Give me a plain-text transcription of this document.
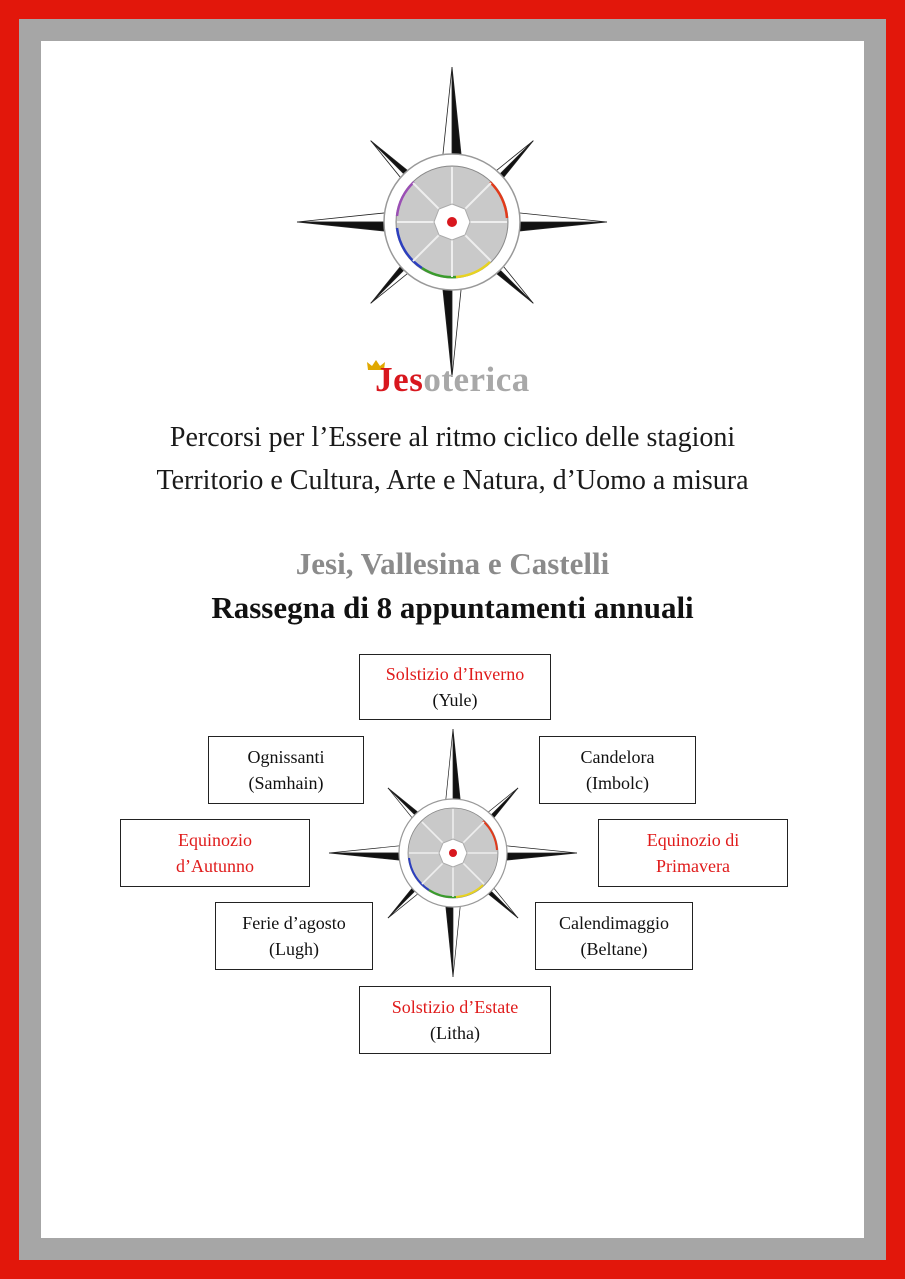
Jesoterica
Percorsi per l’Essere al ritmo ciclico delle stagioni
Territorio e Cultura, Arte e Natura, d’Uomo a misura
Jesi, Vallesina e Castelli
Rassegna di 8 appuntamenti annuali
Solstizio d’Inverno
(Yule)
Ognissanti
(Samhain)
Candelora
(Imbolc)
Equinozio
d’Autunno
Equinozio di
Primavera
Ferie d’agosto
(Lugh)
Calendimaggio
(Beltane)
Solstizio d’Estate
(Litha)
